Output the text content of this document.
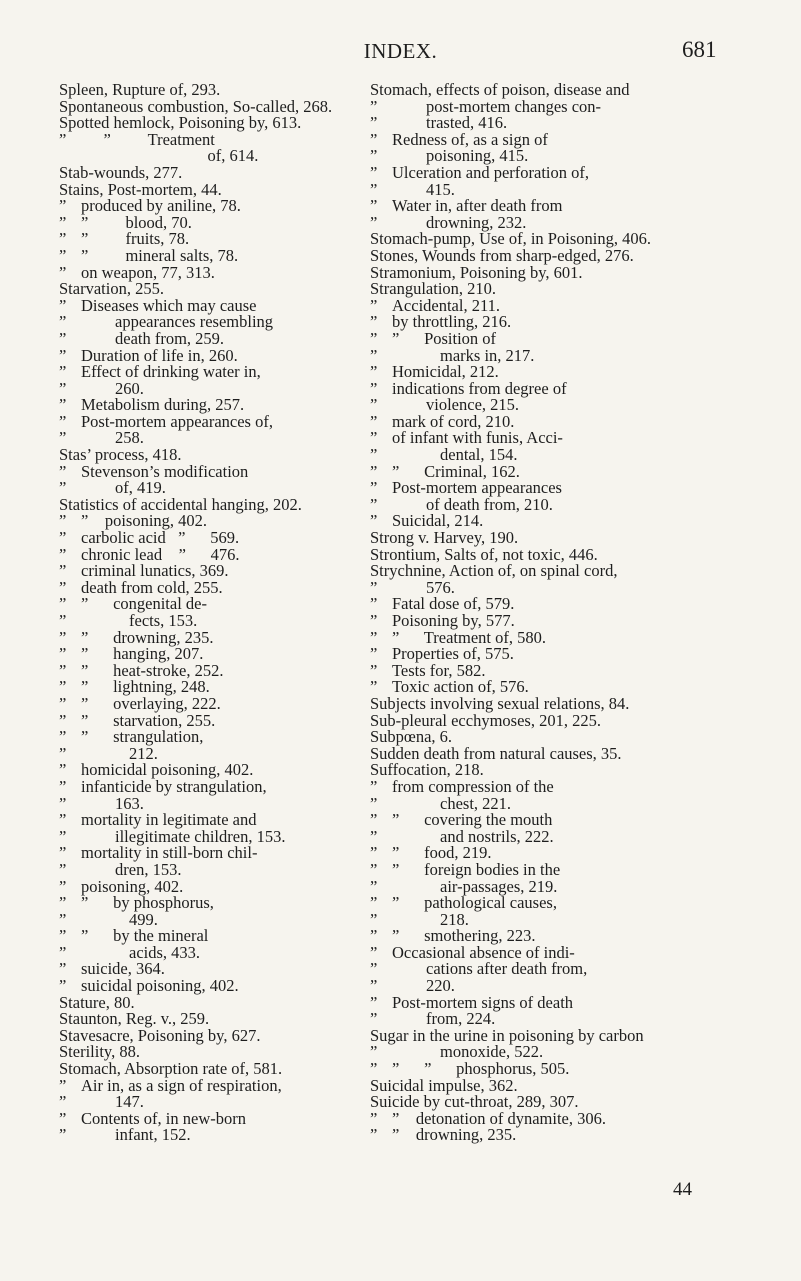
INDEX.	681
Spleen, Rupture of, 293.
Spontaneous combustion, So-called, 268.
Spotted hemlock, Poisoning by, 613.
”         ”         Treatment
of, 614.
Stab-wounds, 277.
Stains, Post-mortem, 44.
” produced by aniline, 78.
” ”         blood, 70.
” ”         fruits, 78.
” ”         mineral salts, 78.
” on weapon, 77, 313.
Starvation, 255.
” Diseases which may cause
”	appearances resembling
”	death from, 259.
” Duration of life in, 260.
” Effect of drinking water in,
”	260.
” Metabolism during, 257.
” Post-mortem appearances of,
”	258.
Stas’ process, 418.
” Stevenson’s modification
”	of, 419.
Statistics of accidental hanging, 202.
” ”    poisoning, 402.
” carbolic acid   ”      569.
” chronic lead    ”      476.
” criminal lunatics, 369.
” death from cold, 255.
” ”      congenital de-
”	fects, 153.
” ”      drowning, 235.
” ”      hanging, 207.
” ”      heat-stroke, 252.
” ”      lightning, 248.
” ”      overlaying, 222.
” ”      starvation, 255.
” ”      strangulation,
”	212.
” homicidal poisoning, 402.
” infanticide by strangulation,
”	163.
” mortality in legitimate and
”	illegitimate children, 153.
” mortality in still-born chil-
”	dren, 153.
” poisoning, 402.
” ”      by phosphorus,
”	499.
” ”      by the mineral
”	acids, 433.
” suicide, 364.
” suicidal poisoning, 402.
Stature, 80.
Staunton, Reg. v., 259.
Stavesacre, Poisoning by, 627.
Sterility, 88.
Stomach, Absorption rate of, 581.
” Air in, as a sign of respiration,
”	147.
” Contents of, in new-born
”	infant, 152.
Stomach, effects of poison, disease and
”	post-mortem changes con-
”	trasted, 416.
” Redness of, as a sign of
”	poisoning, 415.
” Ulceration and perforation of,
”	415.
” Water in, after death from
”	drowning, 232.
Stomach-pump, Use of, in Poisoning, 406.
Stones, Wounds from sharp-edged, 276.
Stramonium, Poisoning by, 601.
Strangulation, 210.
” Accidental, 211.
” by throttling, 216.
” ”      Position of
”	marks in, 217.
” Homicidal, 212.
” indications from degree of
”	violence, 215.
” mark of cord, 210.
” of infant with funis, Acci-
”	dental, 154.
” ”      Criminal, 162.
” Post-mortem appearances
”	of death from, 210.
” Suicidal, 214.
Strong v. Harvey, 190.
Strontium, Salts of, not toxic, 446.
Strychnine, Action of, on spinal cord,
”	576.
” Fatal dose of, 579.
” Poisoning by, 577.
” ”      Treatment of, 580.
” Properties of, 575.
” Tests for, 582.
” Toxic action of, 576.
Subjects involving sexual relations, 84.
Sub-pleural ecchymoses, 201, 225.
Subpœna, 6.
Sudden death from natural causes, 35.
Suffocation, 218.
” from compression of the
”	chest, 221.
” ”      covering the mouth
”	and nostrils, 222.
” ”      food, 219.
” ”      foreign bodies in the
”	air-passages, 219.
” ”      pathological causes,
”	218.
” ”      smothering, 223.
” Occasional absence of indi-
”	cations after death from,
”	220.
” Post-mortem signs of death
”	from, 224.
Sugar in the urine in poisoning by carbon
”	monoxide, 522.
” ”      ”      phosphorus, 505.
Suicidal impulse, 362.
Suicide by cut-throat, 289, 307.
” ”    detonation of dynamite, 306.
” ”    drowning, 235.
44
